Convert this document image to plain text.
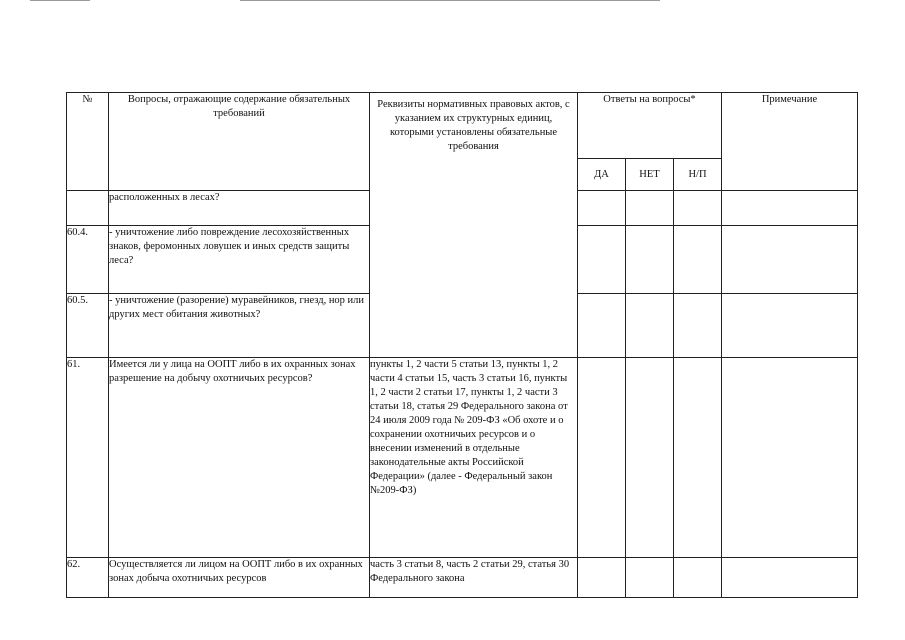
№	Вопросы, отражающие содержание обязательных требований	Реквизиты нормативных правовых актов, с указанием их структурных единиц, которыми установлены обязательные требования	Ответы на вопросы*			Примечание
			ДА	НЕТ	Н/П	
	расположенных в лесах?					
60.4.	- уничтожение либо повреждение лесохозяйственных знаков, феромонных ловушек и иных средств защиты леса?					
60.5.	- уничтожение (разорение) муравейников, гнезд, нор или других мест обитания животных?					
61.	Имеется ли у лица на ООПТ либо в их охранных зонах разрешение на добычу охотничьих ресурсов?	пункты 1, 2 части 5 статьи 13, пункты 1, 2 части 4 статьи 15, часть 3 статьи 16, пункты 1, 2 части 2 статьи 17, пункты 1, 2 части 3 статьи 18, статья 29 Федерального закона от 24 июля 2009 года № 209-ФЗ «Об охоте и о сохранении охотничьих ресурсов и о внесении изменений в отдельные законодательные акты Российской Федерации» (далее - Федеральный закон №209-ФЗ)				
62.	Осуществляется ли лицом на ООПТ либо в их охранных зонах добыча охотничьих ресурсов	часть 3 статьи 8, часть 2 статьи 29, статья 30 Федерального закона				
